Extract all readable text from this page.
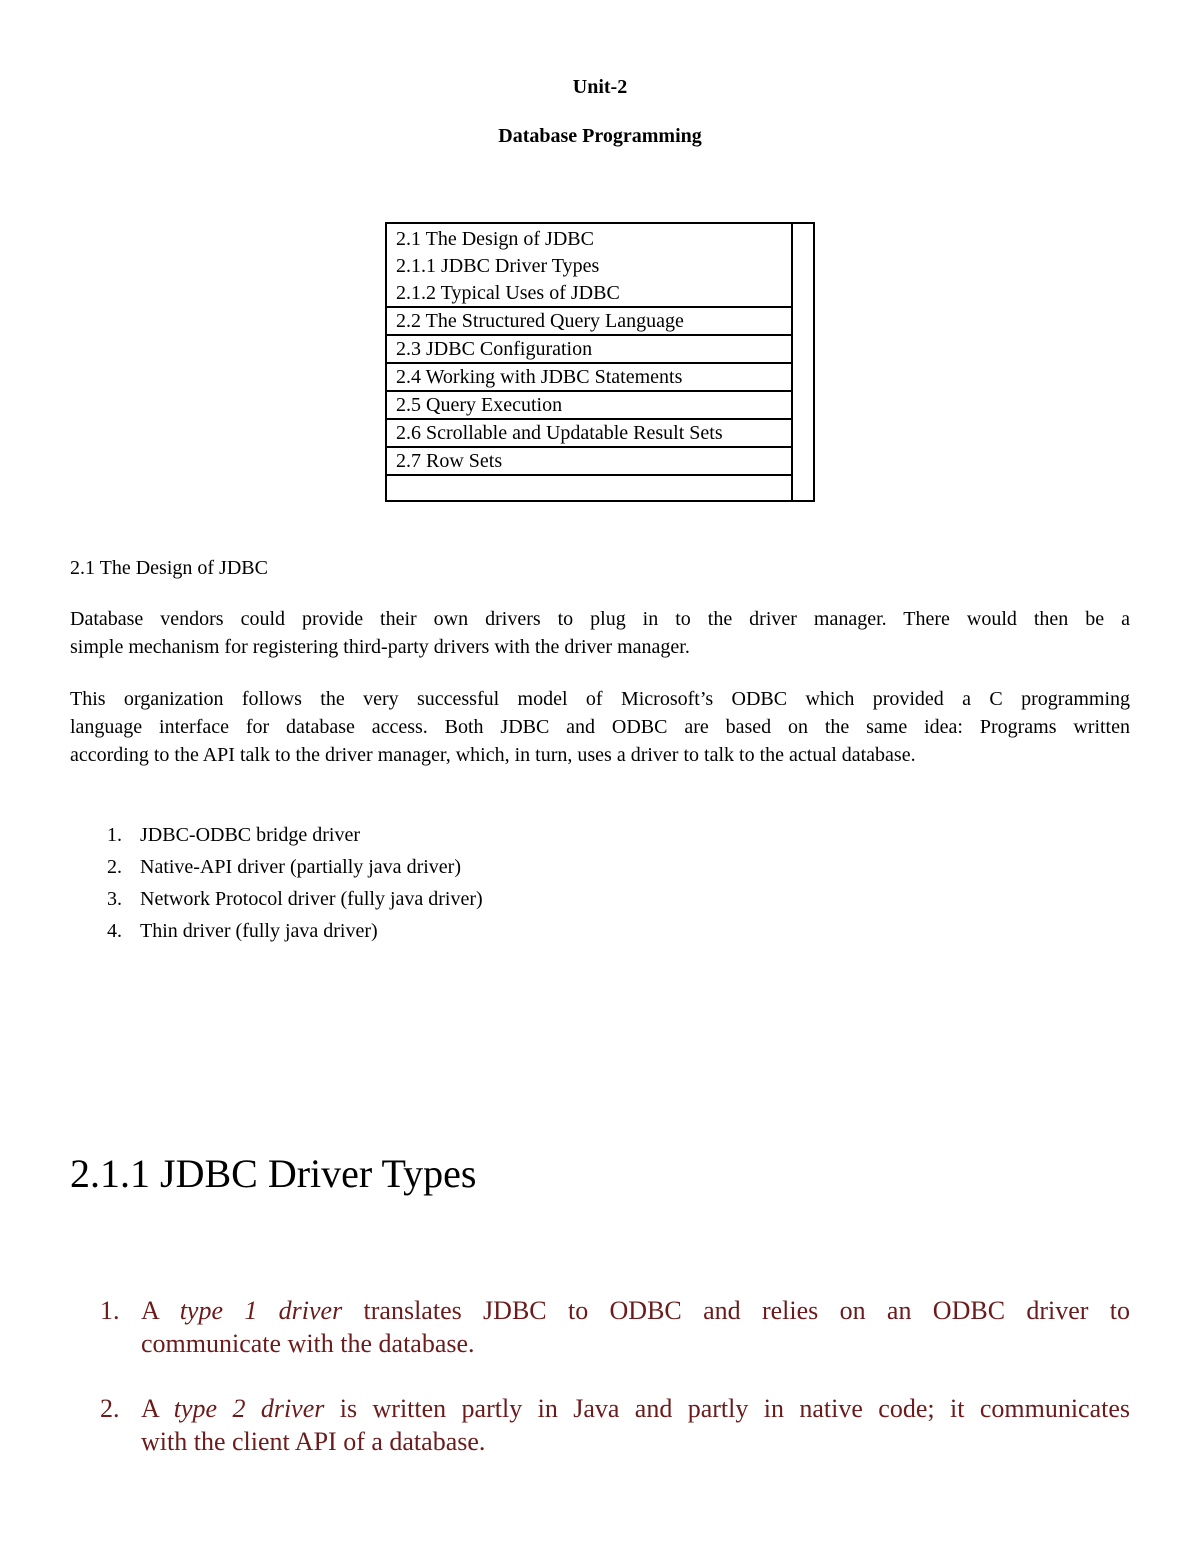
Unit-2
Database Programming
2.1 The Design of JDBC
2.1.1 JDBC Driver Types
2.1.2 Typical Uses of JDBC
2.2 The Structured Query Language
2.3 JDBC Configuration
2.4 Working with JDBC Statements
2.5 Query Execution
2.6 Scrollable and Updatable Result Sets
2.7 Row Sets
2.1 The Design of JDBC
Database vendors could provide their own drivers to plug in to the driver manager. There would then be a
simple mechanism for registering third-party drivers with the driver manager.
This organization follows the very successful model of Microsoft’s ODBC which provided a C programming
language interface for database access. Both JDBC and ODBC are based on the same idea: Programs written
according to the API talk to the driver manager, which, in turn, uses a driver to talk to the actual database.
1. JDBC-ODBC bridge driver
2. Native-API driver (partially java driver)
3. Network Protocol driver (fully java driver)
4. Thin driver (fully java driver)
2.1.1 JDBC Driver Types
1. A type 1 driver translates JDBC to ODBC and relies on an ODBC driver to
communicate with the database.
2. A type 2 driver is written partly in Java and partly in native code; it communicates
with the client API of a database.
